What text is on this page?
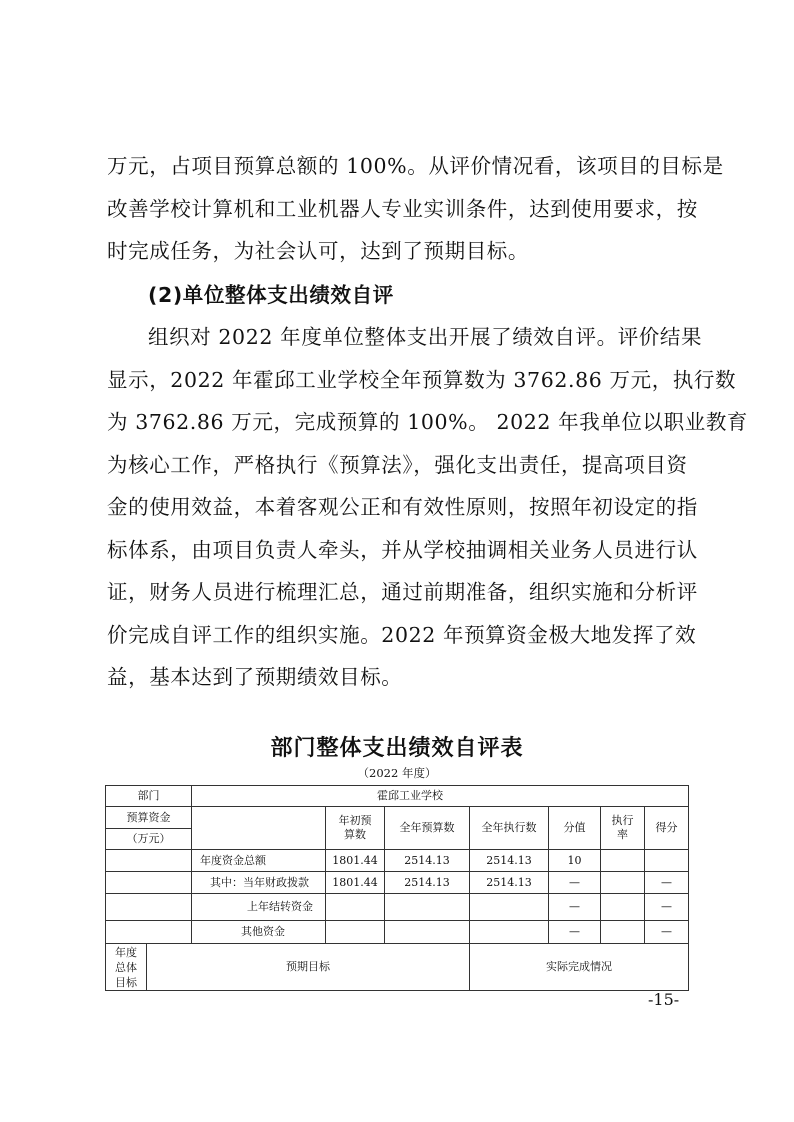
万元，占项目预算总额的 100%。从评价情况看，该项目的目标是
改善学校计算机和工业机器人专业实训条件，达到使用要求，按
时完成任务，为社会认可，达到了预期目标。
(2)单位整体支出绩效自评
组织对 2022 年度单位整体支出开展了绩效自评。评价结果
显示，2022 年霍邱工业学校全年预算数为 3762.86 万元，执行数
为 3762.86 万元，完成预算的 100%。 2022 年我单位以职业教育
为核心工作，严格执行《预算法》，强化支出责任，提高项目资
金的使用效益，本着客观公正和有效性原则，按照年初设定的指
标体系，由项目负责人牵头，并从学校抽调相关业务人员进行认
证，财务人员进行梳理汇总，通过前期准备，组织实施和分析评
价完成自评工作的组织实施。2022 年预算资金极大地发挥了效
益，基本达到了预期绩效目标。
部门整体支出绩效自评表
（2022 年度）
部门		霍邱工业学校						
预算资金			年初预算数	全年预算数	全年执行数	分值	执行率	得分
（万元）								
		年度资金总额	1801.44	2514.13	2514.13	10		
		其中：当年财政拨款	1801.44	2514.13	2514.13	—		—
		上年结转资金				—		—
		其他资金				—		—
年度总体目标	预期目标				实际完成情况			
-15-
